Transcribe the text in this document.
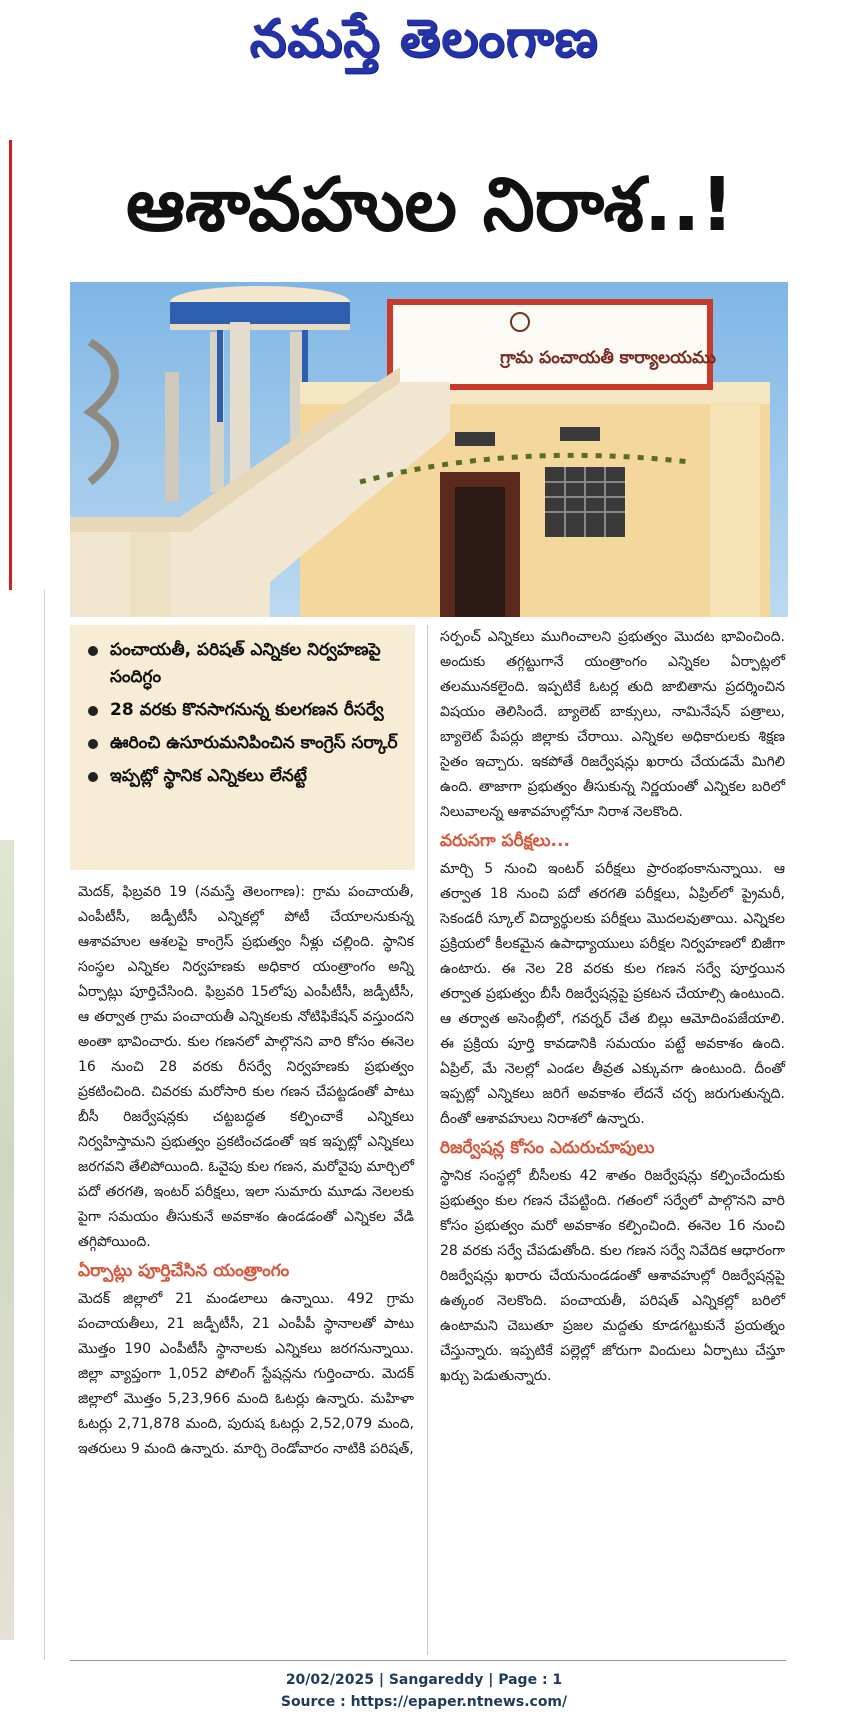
నమస్తే తెలంగాణ
ఆశావహుల నిరాశ..!
గ్రామ పంచాయతీ కార్యాలయము
పంచాయతీ, పరిషత్ ఎన్నికల నిర్వహణపై సందిగ్ధం
28 వరకు కొనసాగనున్న కులగణన రీసర్వే
ఊరించి ఉసూరుమనిపించిన కాంగ్రెస్ సర్కార్
ఇప్పట్లో స్థానిక ఎన్నికలు లేనట్టే

మెదక్, ఫిబ్రవరి 19 (నమస్తే తెలంగాణ): గ్రామ పంచాయతీ, ఎంపీటీసీ, జడ్పీటీసీ ఎన్నికల్లో పోటీ చేయాలనుకున్న ఆశావహుల ఆశలపై కాంగ్రెస్ ప్రభుత్వం నీళ్లు చల్లింది. స్థానిక సంస్థల ఎన్నికల నిర్వహణకు అధికార యంత్రాంగం అన్ని ఏర్పాట్లు పూర్తిచేసింది. ఫిబ్రవరి 15లోపు ఎంపీటీసీ, జడ్పీటీసీ, ఆ తర్వాత గ్రామ పంచాయతీ ఎన్నికలకు నోటిఫికేషన్ వస్తుందని అంతా భావించారు. కుల గణనలో పాల్గొనని వారి కోసం ఈనెల 16 నుంచి 28 వరకు రీసర్వే నిర్వహణకు ప్రభుత్వం ప్రకటించింది. చివరకు మరోసారి కుల గణన చేపట్టడంతో పాటు బీసీ రిజర్వేషన్లకు చట్టబద్ధత కల్పించాకే ఎన్నికలు నిర్వహిస్తామని ప్రభుత్వం ప్రకటించడంతో ఇక ఇప్పట్లో ఎన్నికలు జరగవని తేలిపోయింది. ఓవైపు కుల గణన, మరోవైపు మార్చిలో పదో తరగతి, ఇంటర్ పరీక్షలు, ఇలా సుమారు మూడు నెలలకు పైగా సమయం తీసుకునే అవకాశం ఉండడంతో ఎన్నికల వేడి తగ్గిపోయింది.

ఏర్పాట్లు పూర్తిచేసిన యంత్రాంగం

మెదక్ జిల్లాలో 21 మండలాలు ఉన్నాయి. 492 గ్రామ పంచాయతీలు, 21 జడ్పీటీసీ, 21 ఎంపీపీ స్థానాలతో పాటు మొత్తం 190 ఎంపీటీసీ స్థానాలకు ఎన్నికలు జరగనున్నాయి. జిల్లా వ్యాప్తంగా 1,052 పోలింగ్ స్టేషన్లను గుర్తించారు. మెదక్ జిల్లాలో మొత్తం 5,23,966 మంది ఓటర్లు ఉన్నారు. మహిళా ఓటర్లు 2,71,878 మంది, పురుష ఓటర్లు 2,52,079 మంది, ఇతరులు 9 మంది ఉన్నారు. మార్చి రెండోవారం నాటికి పరిషత్,

సర్పంచ్ ఎన్నికలు ముగించాలని ప్రభుత్వం మొదట భావించింది. అందుకు తగ్గట్టుగానే యంత్రాంగం ఎన్నికల ఏర్పాట్లలో తలమునకలైంది. ఇప్పటికే ఓటర్ల తుది జాబితాను ప్రదర్శించిన విషయం తెలిసిందే. బ్యాలెట్ బాక్సులు, నామినేషన్ పత్రాలు, బ్యాలెట్ పేపర్లు జిల్లాకు చేరాయి. ఎన్నికల అధికారులకు శిక్షణ సైతం ఇచ్చారు. ఇకపోతే రిజర్వేషన్లు ఖరారు చేయడమే మిగిలి ఉంది. తాజాగా ప్రభుత్వం తీసుకున్న నిర్ణయంతో ఎన్నికల బరిలో నిలువాలన్న ఆశావహుల్లోనూ నిరాశ నెలకొంది.

వరుసగా పరీక్షలు...

మార్చి 5 నుంచి ఇంటర్ పరీక్షలు ప్రారంభంకానున్నాయి. ఆ తర్వాత 18 నుంచి పదో తరగతి పరీక్షలు, ఏప్రిల్‌లో ప్రైమరీ, సెకండరీ స్కూల్ విద్యార్థులకు పరీక్షలు మొదలవుతాయి. ఎన్నికల ప్రక్రియలో కీలకమైన ఉపాధ్యాయులు పరీక్షల నిర్వహణలో బిజీగా ఉంటారు. ఈ నెల 28 వరకు కుల గణన సర్వే పూర్తయిన తర్వాత ప్రభుత్వం బీసీ రిజర్వేషన్లపై ప్రకటన చేయాల్సి ఉంటుంది. ఆ తర్వాత అసెంబ్లీలో, గవర్నర్ చేత బిల్లు ఆమోదింపజేయాలి. ఈ ప్రక్రియ పూర్తి కావడానికి సమయం పట్టే అవకాశం ఉంది. ఏప్రిల్, మే నెలల్లో ఎండల తీవ్రత ఎక్కువగా ఉంటుంది. దీంతో ఇప్పట్లో ఎన్నికలు జరిగే అవకాశం లేదనే చర్చ జరుగుతున్నది. దీంతో ఆశావహులు నిరాశలో ఉన్నారు.

రిజర్వేషన్ల కోసం ఎదురుచూపులు

స్థానిక సంస్థల్లో బీసీలకు 42 శాతం రిజర్వేషన్లు కల్పించేందుకు ప్రభుత్వం కుల గణన చేపట్టింది. గతంలో సర్వేలో పాల్గొనని వారి కోసం ప్రభుత్వం మరో అవకాశం కల్పించింది. ఈనెల 16 నుంచి 28 వరకు సర్వే చేపడుతోంది. కుల గణన సర్వే నివేదిక ఆధారంగా రిజర్వేషన్లు ఖరారు చేయనుండడంతో ఆశావహుల్లో రిజర్వేషన్లపై ఉత్కంఠ నెలకొంది. పంచాయతీ, పరిషత్ ఎన్నికల్లో బరిలో ఉంటామని చెబుతూ ప్రజల మద్దతు కూడగట్టుకునే ప్రయత్నం చేస్తున్నారు. ఇప్పటికే పల్లెల్లో జోరుగా విందులు ఏర్పాటు చేస్తూ ఖర్చు పెడుతున్నారు.

20/02/2025 | Sangareddy | Page : 1
Source : https://epaper.ntnews.com/
